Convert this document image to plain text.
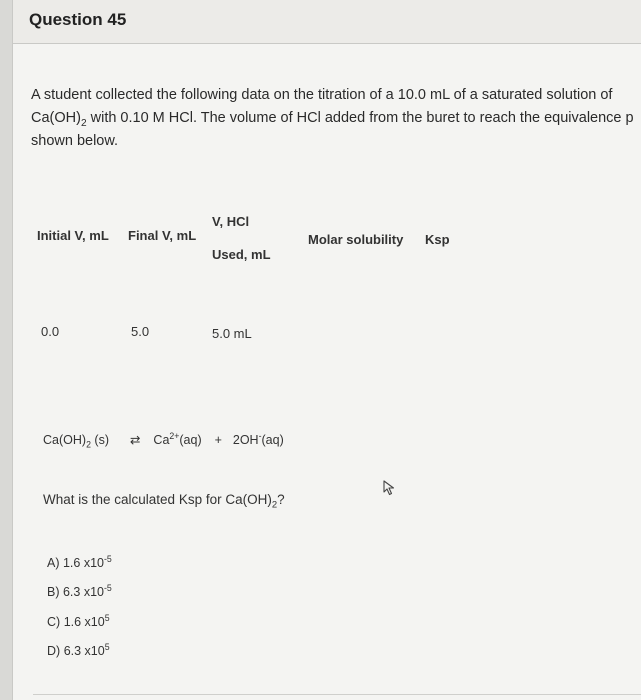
Question 45
A student collected the following data on the titration of a 10.0 mL of a saturated solution of
$Ca(OH)_2$ with 0.10 M HCl. The volume of HCl added from the buret to reach the equivalence p
shown below.
Initial V, mL Final V, mL
V, HCl
Used, mL
Molar solubility Ksp
0.0	5.0	5.0 mL
$Ca(OH)_2$ (s) ⇄ $Ca^{2+}(aq) + 2OH^-(aq)$
What is the calculated Ksp for $Ca(OH)_2$?
A) 1.6 $x10^{-5}$
B) 6.3 $x10^{-5}$
C) 1.6 $x10^5$
D) 6.3 $x10^5$
